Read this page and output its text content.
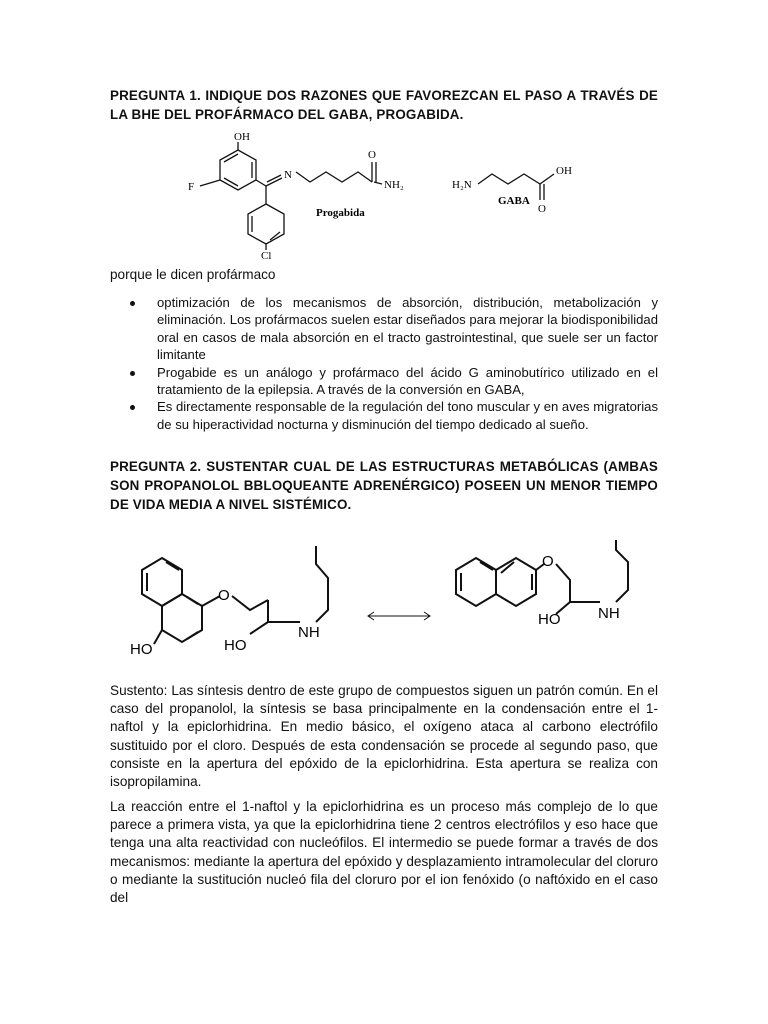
PREGUNTA 1. INDIQUE DOS RAZONES QUE FAVOREZCAN EL PASO A TRAVÉS DE LA BHE DEL PROFÁRMACO DEL GABA, PROGABIDA.
OH
F
N
O
NH₂
Cl
Progabida
H₂N
OH
O
GABA
porque le dicen profármaco
optimización de los mecanismos de absorción, distribución, metabolización y eliminación. Los profármacos suelen estar diseñados para mejorar la biodisponibilidad oral en casos de mala absorción en el tracto gastrointestinal, que suele ser un factor limitante
Progabide es un análogo y profármaco del ácido G aminobutírico utilizado en el tratamiento de la epilepsia. A través de la conversión en GABA,
Es directamente responsable de la regulación del tono muscular y en aves migratorias de su hiperactividad nocturna y disminución del tiempo dedicado al sueño.
PREGUNTA 2. SUSTENTAR CUAL DE LAS ESTRUCTURAS METABÓLICAS (AMBAS SON PROPANOLOL BBLOQUEANTE ADRENÉRGICO) POSEEN UN MENOR TIEMPO DE VIDA MEDIA A NIVEL SISTÉMICO.
HO
O
HO
NH
O
HO	NH
Sustento: Las síntesis dentro de este grupo de compuestos siguen un patrón común. En el caso del propanolol, la síntesis se basa principalmente en la condensación entre el 1-naftol y la epiclorhidrina. En medio básico, el oxígeno ataca al carbono electrófilo sustituido por el cloro. Después de esta condensación se procede al segundo paso, que consiste en la apertura del epóxido de la epiclorhidrina. Esta apertura se realiza con isopropilamina.
La reacción entre el 1-naftol y la epiclorhidrina es un proceso más complejo de lo que parece a primera vista, ya que la epiclorhidrina tiene 2 centros electrófilos y eso hace que tenga una alta reactividad con nucleófilos. El intermedio se puede formar a través de dos mecanismos: mediante la apertura del epóxido y desplazamiento intramolecular del cloruro o mediante la sustitución nucleó fila del cloruro por el ion fenóxido (o naftóxido en el caso del
